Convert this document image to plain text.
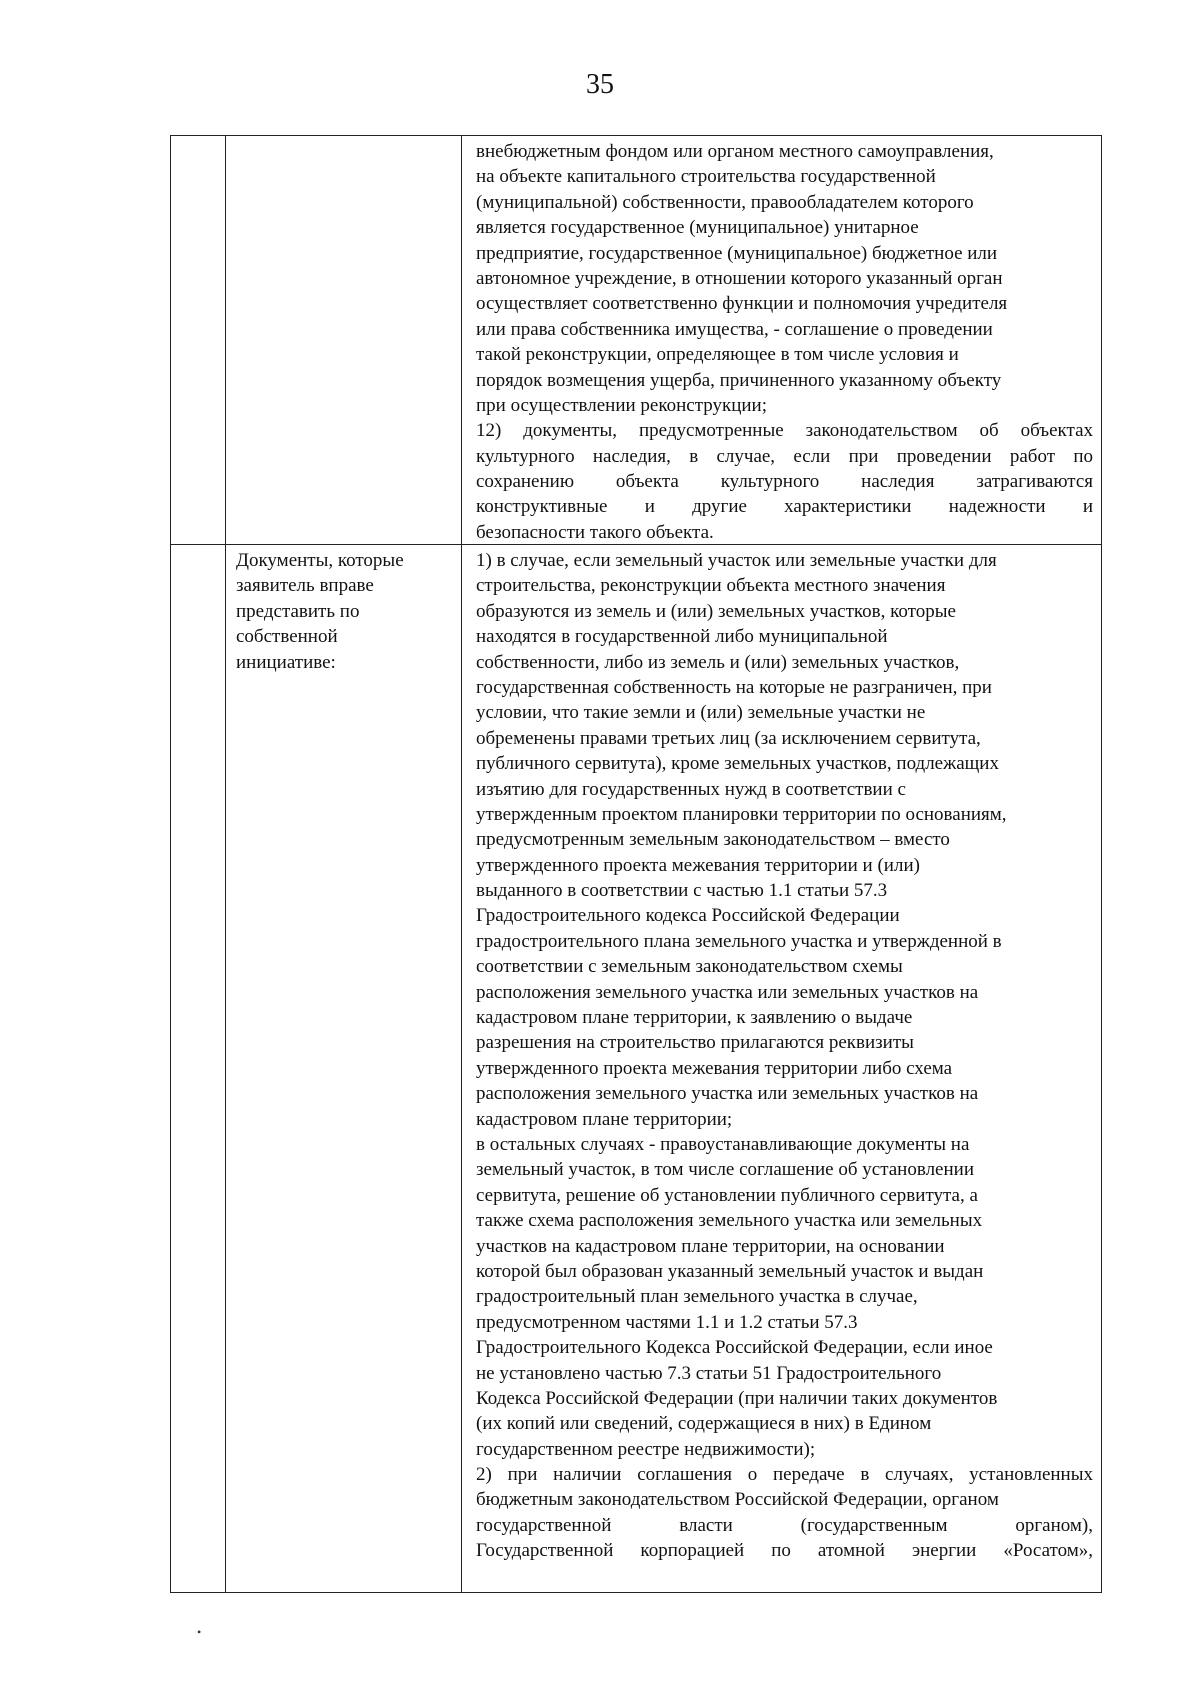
35
внебюджетным фондом или органом местного самоуправления,
на объекте капитального строительства государственной
(муниципальной) собственности, правообладателем которого
является государственное (муниципальное) унитарное
предприятие, государственное (муниципальное) бюджетное или
автономное учреждение, в отношении которого указанный орган
осуществляет соответственно функции и полномочия учредителя
или права собственника имущества, - соглашение о проведении
такой реконструкции, определяющее в том числе условия и
порядок возмещения ущерба, причиненного указанному объекту
при осуществлении реконструкции;
12) документы, предусмотренные законодательством об объектах
культурного наследия, в случае, если при проведении работ по
сохранению объекта культурного наследия затрагиваются
конструктивные и другие характеристики надежности и
безопасности такого объекта.
Документы, которые
заявитель вправе
представить по
собственной
инициативе:
1) в случае, если земельный участок или земельные участки для
строительства, реконструкции объекта местного значения
образуются из земель и (или) земельных участков, которые
находятся в государственной либо муниципальной
собственности, либо из земель и (или) земельных участков,
государственная собственность на которые не разграничен, при
условии, что такие земли и (или) земельные участки не
обременены правами третьих лиц (за исключением сервитута,
публичного сервитута), кроме земельных участков, подлежащих
изъятию для государственных нужд в соответствии с
утвержденным проектом планировки территории по основаниям,
предусмотренным земельным законодательством – вместо
утвержденного проекта межевания территории и (или)
выданного в соответствии с частью 1.1 статьи 57.3
Градостроительного кодекса Российской Федерации
градостроительного плана земельного участка и утвержденной в
соответствии с земельным законодательством схемы
расположения земельного участка или земельных участков на
кадастровом плане территории, к заявлению о выдаче
разрешения на строительство прилагаются реквизиты
утвержденного проекта межевания территории либо схема
расположения земельного участка или земельных участков на
кадастровом плане территории;
в остальных случаях - правоустанавливающие документы на
земельный участок, в том числе соглашение об установлении
сервитута, решение об установлении публичного сервитута, а
также схема расположения земельного участка или земельных
участков на кадастровом плане территории, на основании
которой был образован указанный земельный участок и выдан
градостроительный план земельного участка в случае,
предусмотренном частями 1.1 и 1.2 статьи 57.3
Градостроительного Кодекса Российской Федерации, если иное
не установлено частью 7.3 статьи 51 Градостроительного
Кодекса Российской Федерации (при наличии таких документов
(их копий или сведений, содержащиеся в них) в Едином
государственном реестре недвижимости);
2) при наличии соглашения о передаче в случаях, установленных
бюджетным законодательством Российской Федерации, органом
государственной власти (государственным органом),
Государственной корпорацией по атомной энергии «Росатом»,
•
